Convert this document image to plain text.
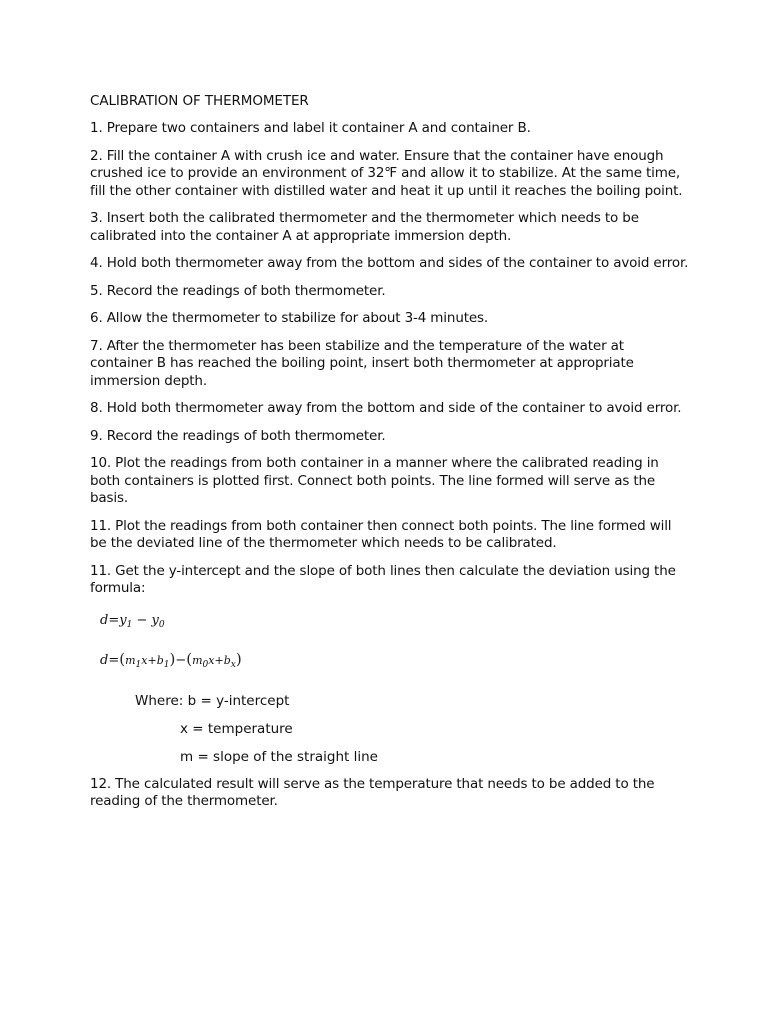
CALIBRATION OF THERMOMETER

1. Prepare two containers and label it container A and container B.

2. Fill the container A with crush ice and water. Ensure that the container have enough crushed ice to provide an environment of 32℉ and allow it to stabilize. At the same time, fill the other container with distilled water and heat it up until it reaches the boiling point.

3. Insert both the calibrated thermometer and the thermometer which needs to be calibrated into the container A at appropriate immersion depth.

4. Hold both thermometer away from the bottom and sides of the container to avoid error.

5. Record the readings of both thermometer.

6. Allow the thermometer to stabilize for about 3-4 minutes.

7. After the thermometer has been stabilize and the temperature of the water at container B has reached the boiling point, insert both thermometer at appropriate immersion depth.

8. Hold both thermometer away from the bottom and side of the container to avoid error.

9. Record the readings of both thermometer.

10. Plot the readings from both container in a manner where the calibrated reading in both containers is plotted first. Connect both points. The line formed will serve as the basis.

11. Plot the readings from both container then connect both points. The line formed will be the deviated line of the thermometer which needs to be calibrated.

11. Get the y-intercept and the slope of both lines then calculate the deviation using the formula:

$d=y_1 - y_0$
$d=(m_1x+b_1)-(m_0x+b_x)$

Where: b = y-intercept

x = temperature

m = slope of the straight line

12. The calculated result will serve as the temperature that needs to be added to the reading of the thermometer.
